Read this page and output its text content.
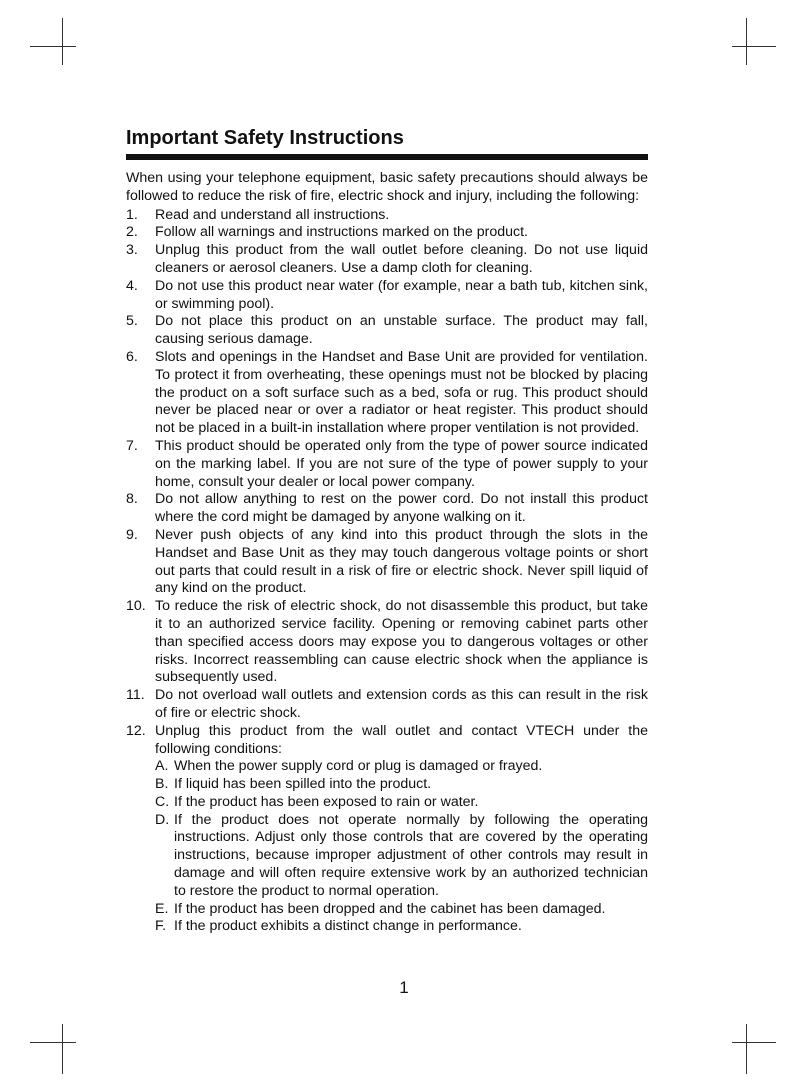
Important Safety Instructions

When using your telephone equipment, basic safety precautions should always be followed to reduce the risk of fire, electric shock and injury, including the following:

1. Read and understand all instructions.
2. Follow all warnings and instructions marked on the product.
3. Unplug this product from the wall outlet before cleaning. Do not use liquid cleaners or aerosol cleaners. Use a damp cloth for cleaning.
4. Do not use this product near water (for example, near a bath tub, kitchen sink, or swimming pool).
5. Do not place this product on an unstable surface. The product may fall, causing serious damage.
6. Slots and openings in the Handset and Base Unit are provided for ventilation. To protect it from overheating, these openings must not be blocked by placing the product on a soft surface such as a bed, sofa or rug. This product should never be placed near or over a radiator or heat register. This product should not be placed in a built-in installation where proper ventilation is not provided.
7. This product should be operated only from the type of power source indicated on the marking label. If you are not sure of the type of power supply to your home, consult your dealer or local power company.
8. Do not allow anything to rest on the power cord. Do not install this product where the cord might be damaged by anyone walking on it.
9. Never push objects of any kind into this product through the slots in the Handset and Base Unit as they may touch dangerous voltage points or short out parts that could result in a risk of fire or electric shock. Never spill liquid of any kind on the product.
10. To reduce the risk of electric shock, do not disassemble this product, but take it to an authorized service facility. Opening or removing cabinet parts other than specified access doors may expose you to dangerous voltages or other risks. Incorrect reassembling can cause electric shock when the appliance is subsequently used.
11. Do not overload wall outlets and extension cords as this can result in the risk of fire or electric shock.
12. Unplug this product from the wall outlet and contact VTECH under the following conditions:
A. When the power supply cord or plug is damaged or frayed.
B. If liquid has been spilled into the product.
C. If the product has been exposed to rain or water.
D. If the product does not operate normally by following the operating instructions. Adjust only those controls that are covered by the operating instructions, because improper adjustment of other controls may result in damage and will often require extensive work by an authorized technician to restore the product to normal operation.
E. If the product has been dropped and the cabinet has been damaged.
F. If the product exhibits a distinct change in performance.
1
